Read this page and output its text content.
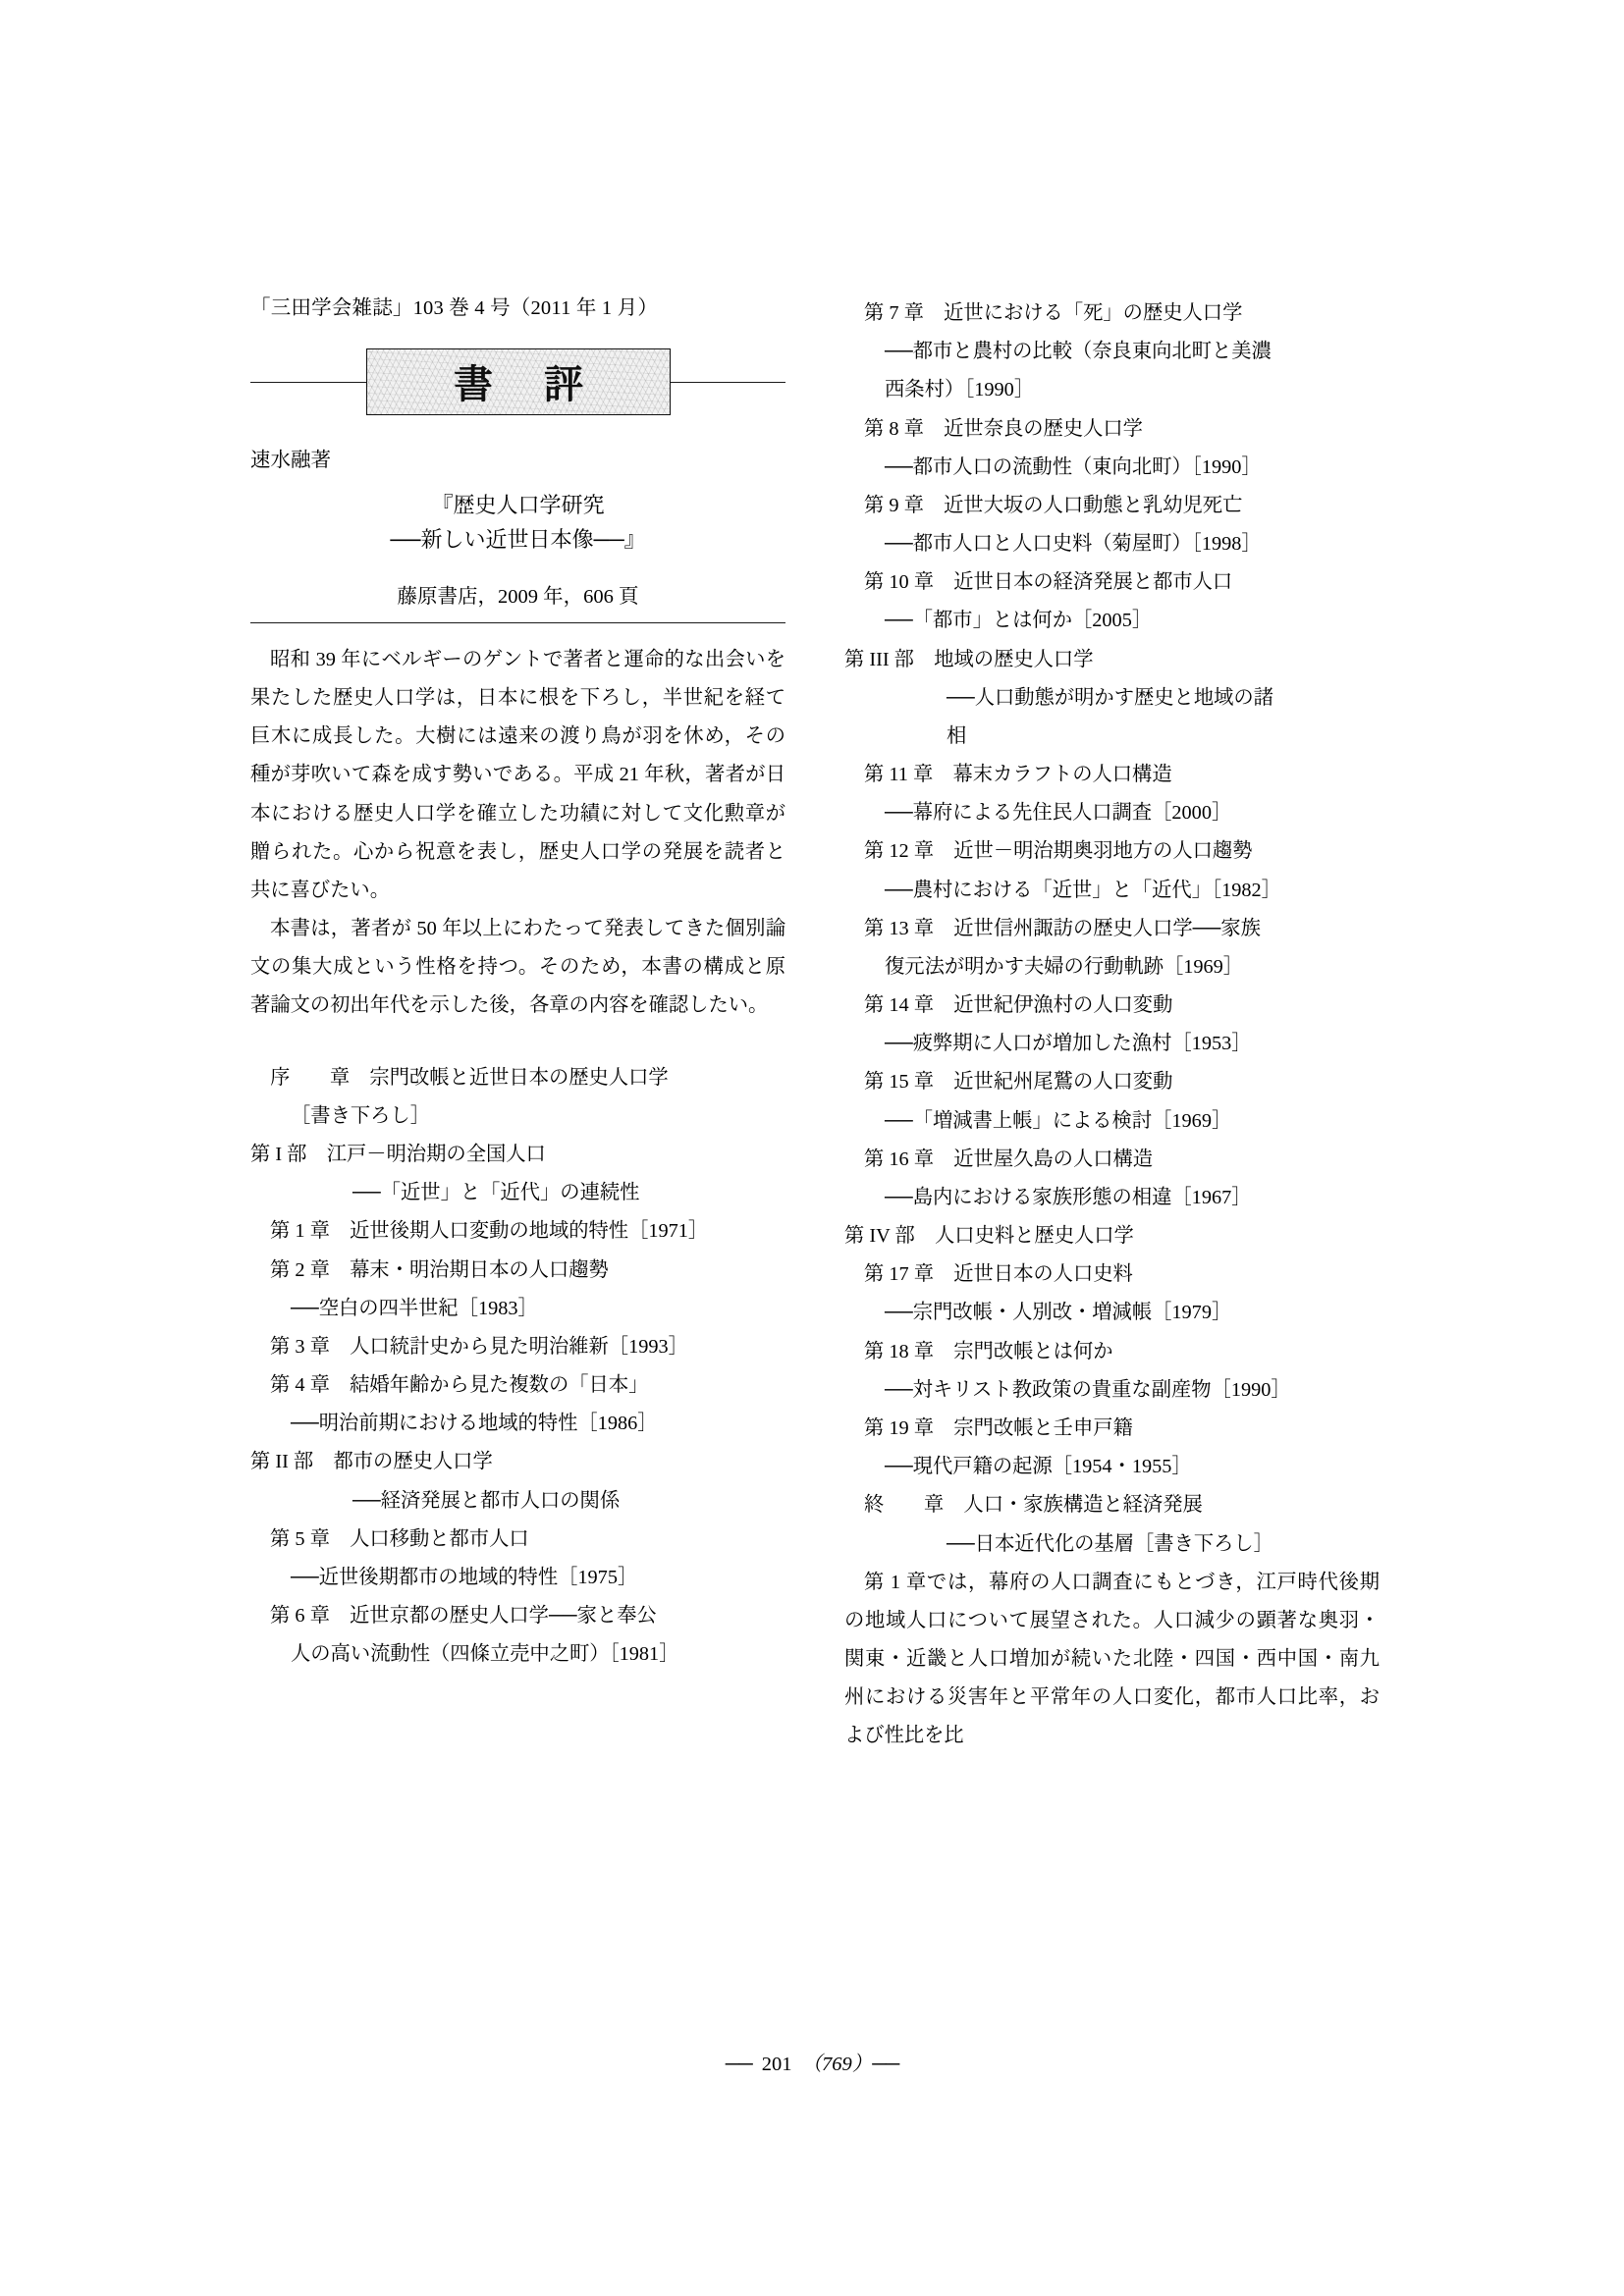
「三田学会雑誌」103 巻 4 号（2011 年 1 月）
書評
速水融著
『歴史人口学研究
──新しい近世日本像──』
藤原書店，2009 年，606 頁

昭和 39 年にベルギーのゲントで著者と運命的な出会いを果たした歴史人口学は，日本に根を下ろし，半世紀を経て巨木に成長した。大樹には遠来の渡り鳥が羽を休め，その種が芽吹いて森を成す勢いである。平成 21 年秋，著者が日本における歴史人口学を確立した功績に対して文化勲章が贈られた。心から祝意を表し，歴史人口学の発展を読者と共に喜びたい。

本書は，著者が 50 年以上にわたって発表してきた個別論文の集大成という性格を持つ。そのため，本書の構成と原著論文の初出年代を示した後，各章の内容を確認したい。

序　　章　宗門改帳と近世日本の歴史人口学
［書き下ろし］
第 I 部　江戸－明治期の全国人口
──「近世」と「近代」の連続性
第 1 章　近世後期人口変動の地域的特性［1971］
第 2 章　幕末・明治期日本の人口趨勢
──空白の四半世紀［1983］
第 3 章　人口統計史から見た明治維新［1993］
第 4 章　結婚年齢から見た複数の「日本」
──明治前期における地域的特性［1986］
第 II 部　都市の歴史人口学
──経済発展と都市人口の関係
第 5 章　人口移動と都市人口
──近世後期都市の地域的特性［1975］
第 6 章　近世京都の歴史人口学──家と奉公
人の高い流動性（四條立売中之町）［1981］
第 7 章　近世における「死」の歴史人口学
──都市と農村の比較（奈良東向北町と美濃
西条村）［1990］
第 8 章　近世奈良の歴史人口学
──都市人口の流動性（東向北町）［1990］
第 9 章　近世大坂の人口動態と乳幼児死亡
──都市人口と人口史料（菊屋町）［1998］
第 10 章　近世日本の経済発展と都市人口
──「都市」とは何か［2005］
第 III 部　地域の歴史人口学
──人口動態が明かす歴史と地域の諸
相
第 11 章　幕末カラフトの人口構造
──幕府による先住民人口調査［2000］
第 12 章　近世－明治期奥羽地方の人口趨勢
──農村における「近世」と「近代」［1982］
第 13 章　近世信州諏訪の歴史人口学──家族
復元法が明かす夫婦の行動軌跡［1969］
第 14 章　近世紀伊漁村の人口変動
──疲弊期に人口が増加した漁村［1953］
第 15 章　近世紀州尾鷲の人口変動
──「増減書上帳」による検討［1969］
第 16 章　近世屋久島の人口構造
──島内における家族形態の相違［1967］
第 IV 部　人口史料と歴史人口学
第 17 章　近世日本の人口史料
──宗門改帳・人別改・増減帳［1979］
第 18 章　宗門改帳とは何か
──対キリスト教政策の貴重な副産物［1990］
第 19 章　宗門改帳と壬申戸籍
──現代戸籍の起源［1954・1955］
終　　章　人口・家族構造と経済発展
──日本近代化の基層［書き下ろし］

第 1 章では，幕府の人口調査にもとづき，江戸時代後期の地域人口について展望された。人口減少の顕著な奥羽・関東・近畿と人口増加が続いた北陸・四国・西中国・南九州における災害年と平常年の人口変化，都市人口比率，および性比を比

── 201 （769）──
